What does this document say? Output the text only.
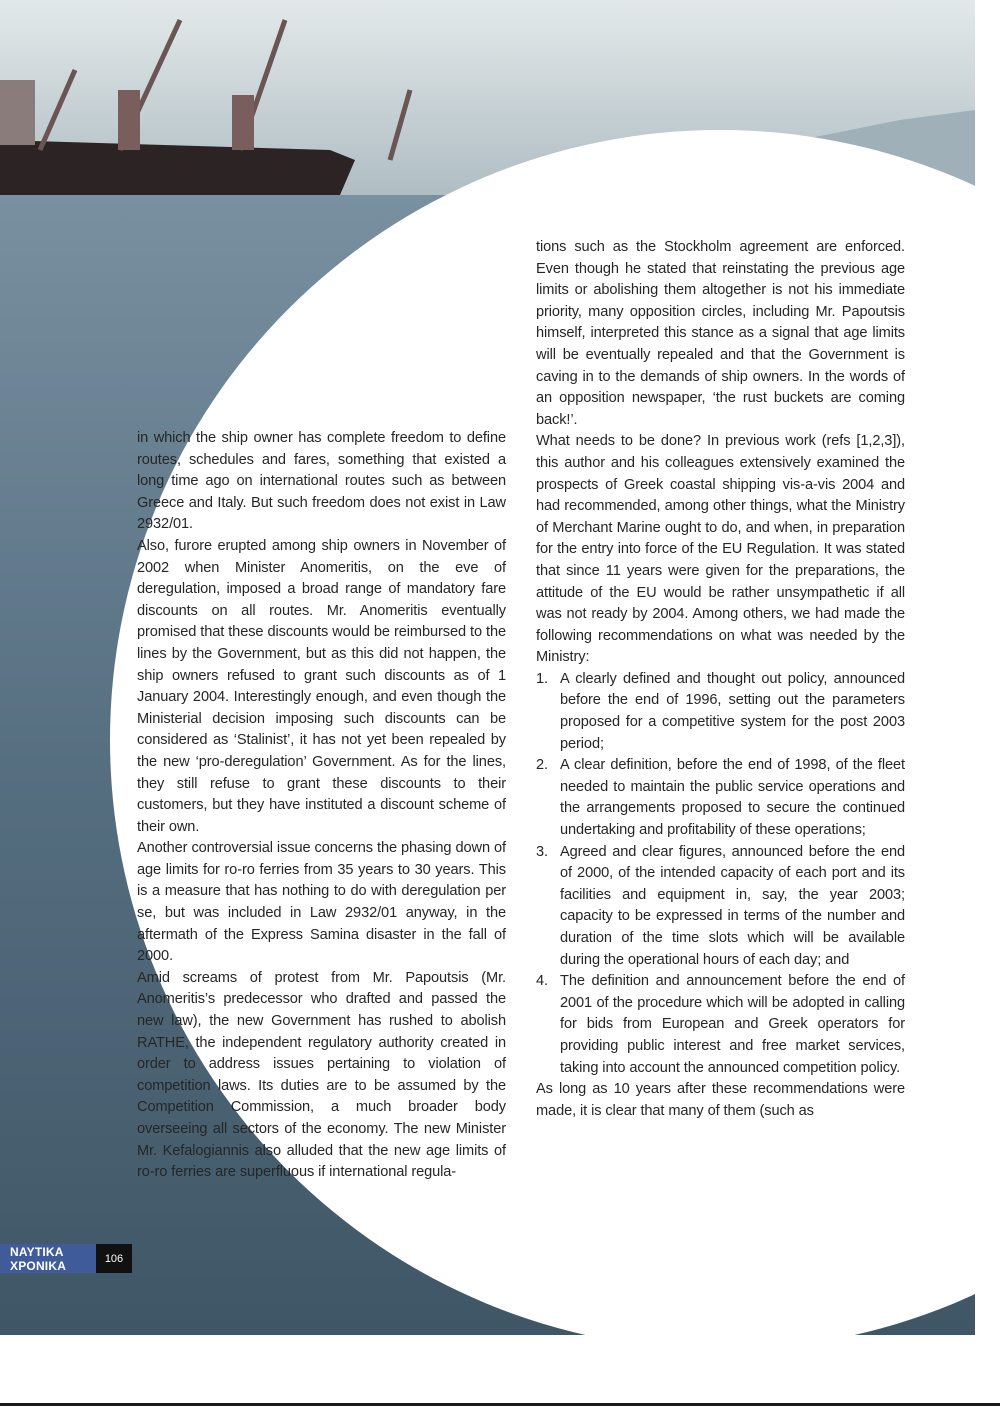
in which the ship owner has complete freedom to define routes, schedules and fares, something that existed a long time ago on international routes such as between Greece and Italy. But such freedom does not exist in Law 2932/01.

Also, furore erupted among ship owners in November of 2002 when Minister Anomeritis, on the eve of deregulation, imposed a broad range of mandatory fare discounts on all routes. Mr. Anomeritis eventually promised that these discounts would be reimbursed to the lines by the Government, but as this did not happen, the ship owners refused to grant such discounts as of 1 January 2004. Interestingly enough, and even though the Ministerial decision imposing such discounts can be considered as ‘Stalinist’, it has not yet been repealed by the new ‘pro-deregulation’ Government. As for the lines, they still refuse to grant these discounts to their customers, but they have instituted a discount scheme of their own.

Another controversial issue concerns the phasing down of age limits for ro-ro ferries from 35 years to 30 years. This is a measure that has nothing to do with deregulation per se, but was included in Law 2932/01 anyway, in the aftermath of the Express Samina disaster in the fall of 2000.

Amid screams of protest from Mr. Papoutsis (Mr. Anomeritis’s predecessor who drafted and passed the new law), the new Government has rushed to abolish RATHE, the independent regulatory authority created in order to address issues pertaining to violation of competition laws. Its duties are to be assumed by the Competition Commission, a much broader body overseeing all sectors of the economy. The new Minister Mr. Kefalogiannis also alluded that the new age limits of ro-ro ferries are superfluous if international regula-

tions such as the Stockholm agreement are enforced. Even though he stated that reinstating the previous age limits or abolishing them altogether is not his immediate priority, many opposition circles, including Mr. Papoutsis himself, interpreted this stance as a signal that age limits will be eventually repealed and that the Government is caving in to the demands of ship owners. In the words of an opposition newspaper, ‘the rust buckets are coming back!’.

What needs to be done? In previous work (refs [1,2,3]), this author and his colleagues extensively examined the prospects of Greek coastal shipping vis-a-vis 2004 and had recommended, among other things, what the Ministry of Merchant Marine ought to do, and when, in preparation for the entry into force of the EU Regulation. It was stated that since 11 years were given for the preparations, the attitude of the EU would be rather unsympathetic if all was not ready by 2004. Among others, we had made the following recommendations on what was needed by the Ministry:

1. A clearly defined and thought out policy, announced before the end of 1996, setting out the parameters proposed for a competitive system for the post 2003 period;
2. A clear definition, before the end of 1998, of the fleet needed to maintain the public service operations and the arrangements proposed to secure the continued undertaking and profitability of these operations;
3. Agreed and clear figures, announced before the end of 2000, of the intended capacity of each port and its facilities and equipment in, say, the year 2003; capacity to be expressed in terms of the number and duration of the time slots which will be available during the operational hours of each day; and
4. The definition and announcement before the end of 2001 of the procedure which will be adopted in calling for bids from European and Greek operators for providing public interest and free market services, taking into account the announced competition policy.

As long as 10 years after these recommendations were made, it is clear that many of them (such as

NAYTIKA XPONIKA	106
